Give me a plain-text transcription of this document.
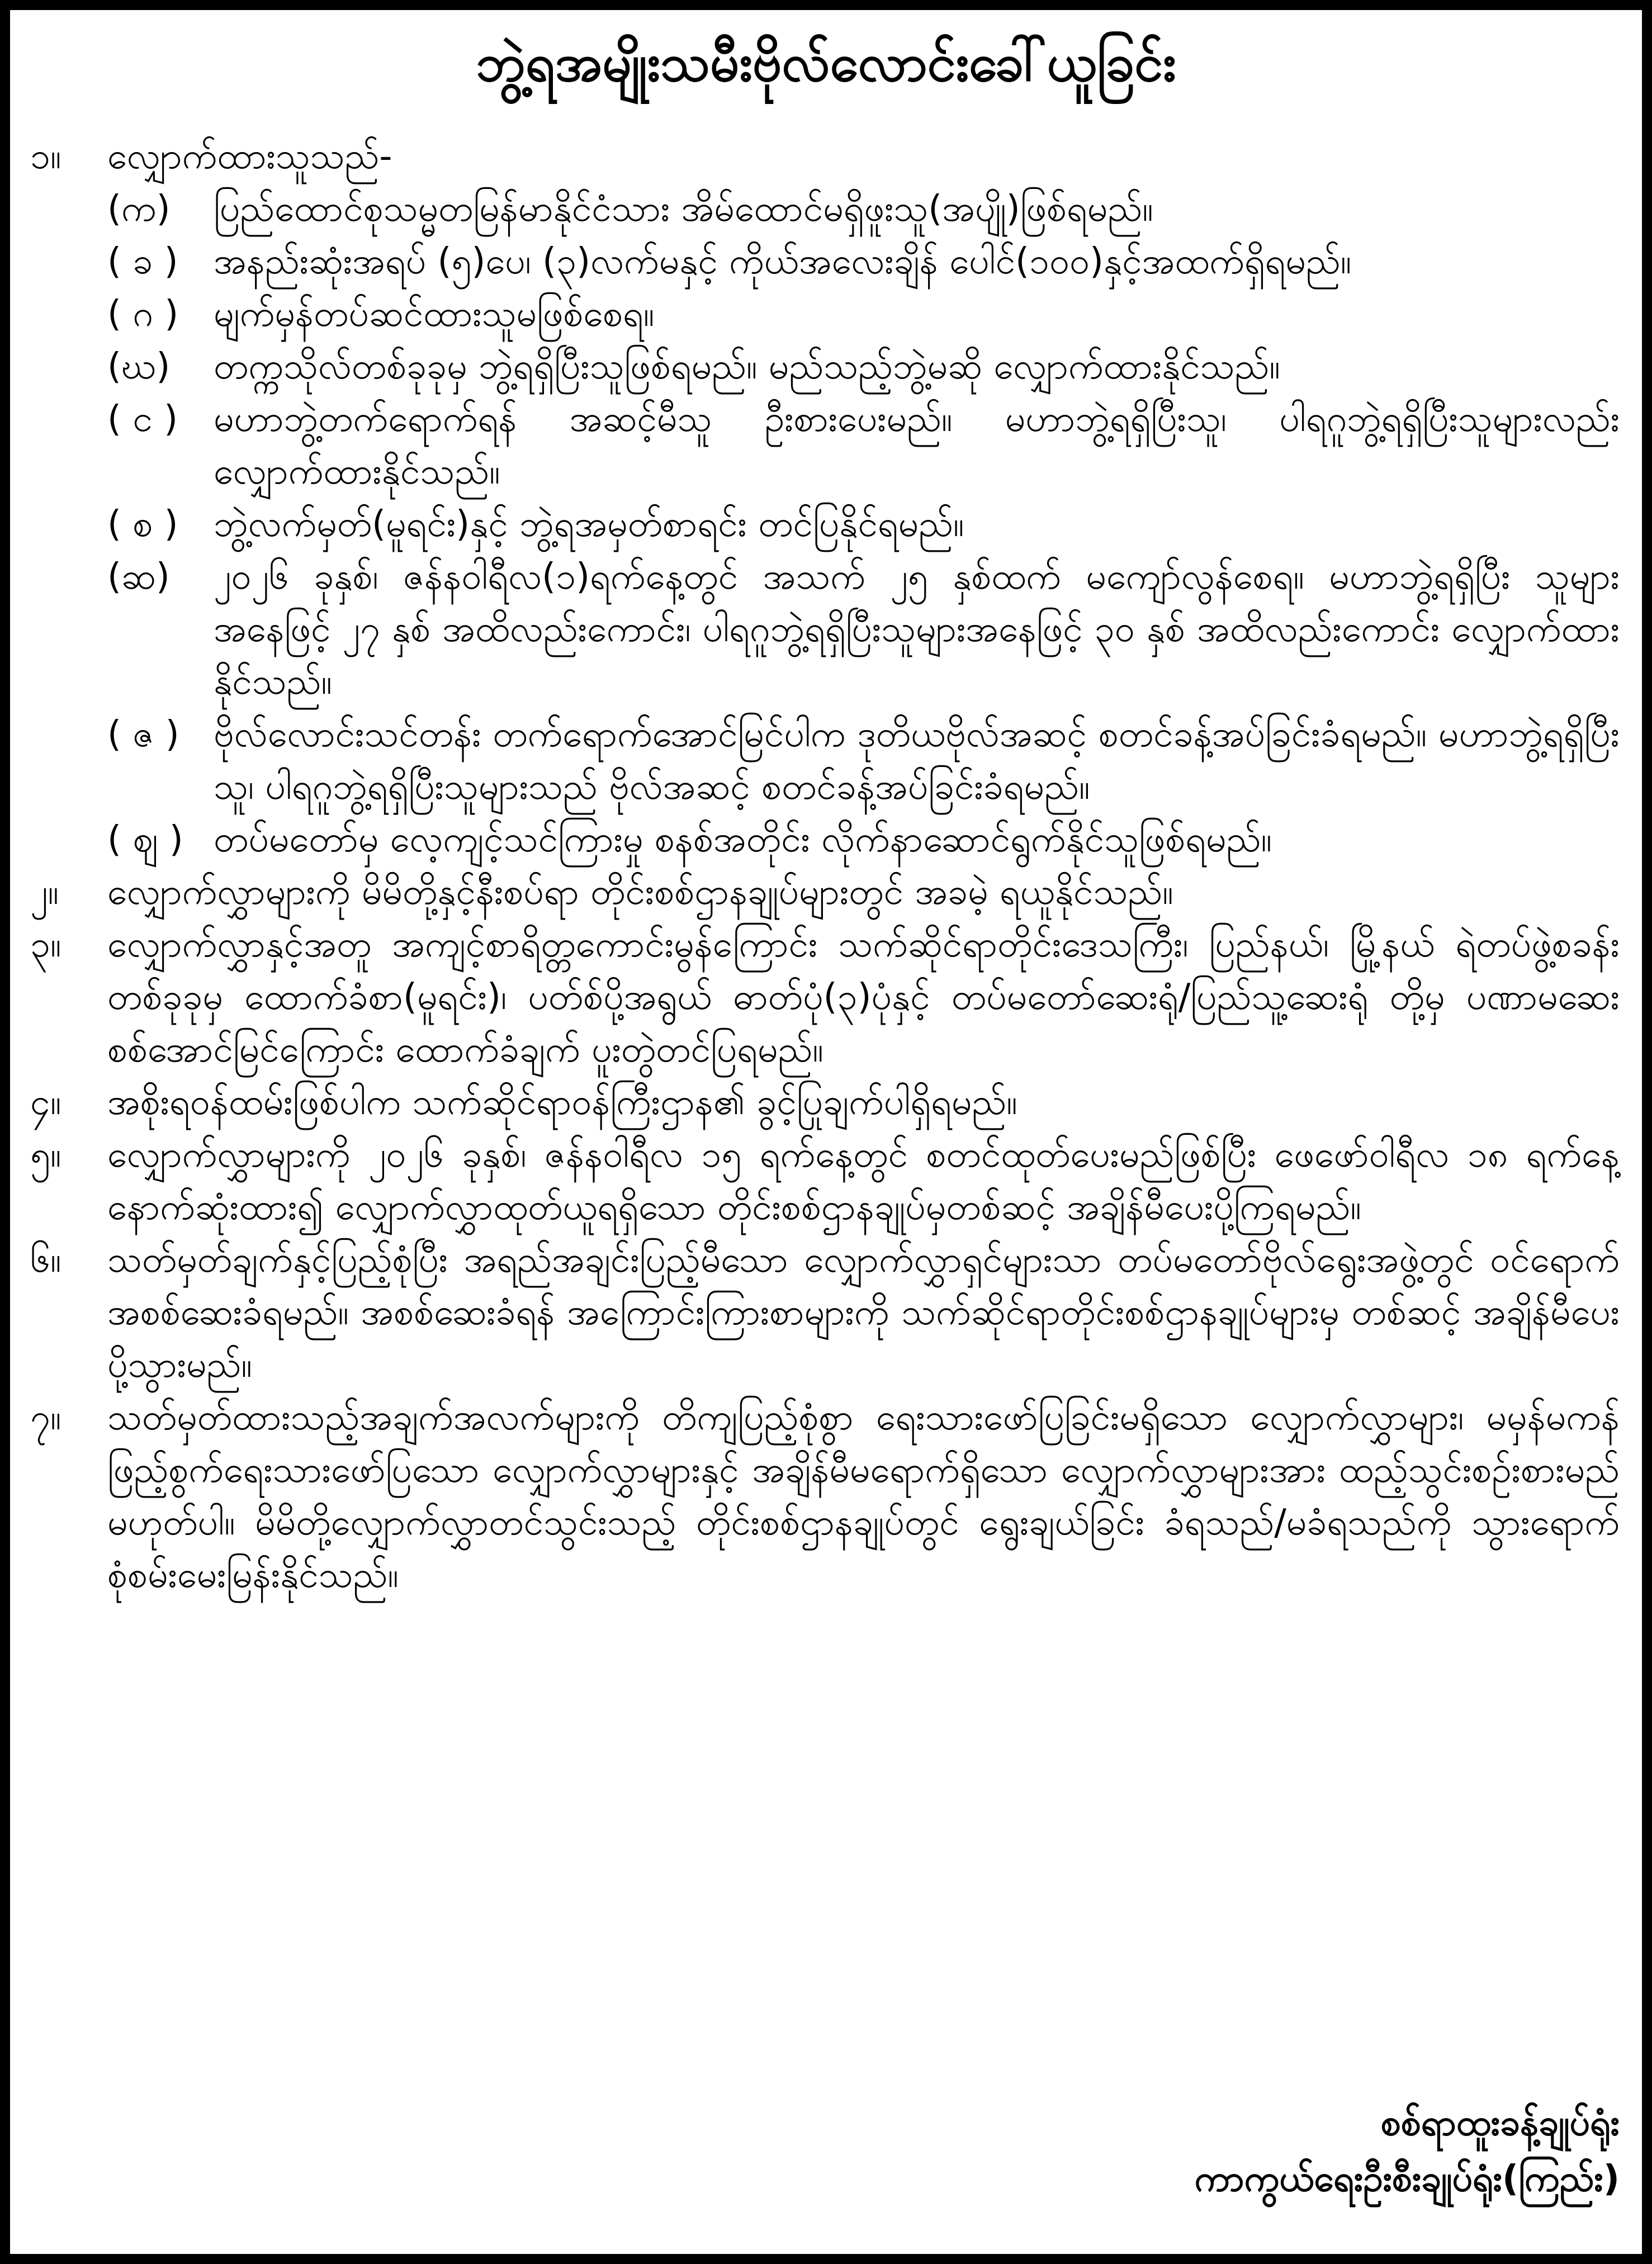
ဘွဲ့ရအမျိုးသမီးဗိုလ်လောင်းခေါ်ယူခြင်း
၁။	လျှောက်ထားသူသည်-
(က)	ပြည်ထောင်စုသမ္မတမြန်မာနိုင်ငံသား အိမ်ထောင်မရှိဖူးသူ(အပျို)ဖြစ်ရမည်။
( ခ ) အနည်းဆုံးအရပ် (၅)ပေ၊ (၃)လက်မနှင့် ကိုယ်အလေးချိန် ပေါင်(၁၀၀)နှင့်အထက်ရှိရမည်။
( ဂ ) မျက်မှန်တပ်ဆင်ထားသူမဖြစ်စေရ။
(ဃ)	တက္ကသိုလ်တစ်ခုခုမှ ဘွဲ့ရရှိပြီးသူဖြစ်ရမည်။ မည်သည့်ဘွဲ့မဆို လျှောက်ထားနိုင်သည်။
( င ) မဟာဘွဲ့တက်ရောက်ရန် အဆင့်မီသူ ဦးစားပေးမည်။ မဟာဘွဲ့ရရှိပြီးသူ၊ ပါရဂူဘွဲ့ရရှိပြီးသူများလည်း လျှောက်ထားနိုင်သည်။
( စ ) ဘွဲ့လက်မှတ်(မူရင်း)နှင့် ဘွဲ့ရအမှတ်စာရင်း တင်ပြနိုင်ရမည်။
(ဆ)	၂၀၂၆ ခုနှစ်၊ ဇန်နဝါရီလ(၁)ရက်နေ့တွင် အသက် ၂၅ နှစ်ထက် မကျော်လွန်စေရ။ မဟာဘွဲ့ရရှိပြီး သူများအနေဖြင့် ၂၇ နှစ် အထိလည်းကောင်း၊ ပါရဂူဘွဲ့ရရှိပြီးသူများအနေဖြင့် ၃၀ နှစ် အထိလည်းကောင်း လျှောက်ထားနိုင်သည်။
( ဇ ) ဗိုလ်လောင်းသင်တန်း တက်ရောက်အောင်မြင်ပါက ဒုတိယဗိုလ်အဆင့် စတင်ခန့်အပ်ခြင်းခံရမည်။ မဟာဘွဲ့ရရှိပြီးသူ၊ ပါရဂူဘွဲ့ရရှိပြီးသူများသည် ဗိုလ်အဆင့် စတင်ခန့်အပ်ခြင်းခံရမည်။
( ဈ ) တပ်မတော်မှ လေ့ကျင့်သင်ကြားမှု စနစ်အတိုင်း လိုက်နာဆောင်ရွက်နိုင်သူဖြစ်ရမည်။
၂။	လျှောက်လွှာများကို မိမိတို့နှင့်နီးစပ်ရာ တိုင်းစစ်ဌာနချုပ်များတွင် အခမဲ့ ရယူနိုင်သည်။
၃။	လျှောက်လွှာနှင့်အတူ အကျင့်စာရိတ္တကောင်းမွန်ကြောင်း သက်ဆိုင်ရာတိုင်းဒေသကြီး၊ ပြည်နယ်၊ မြို့နယ် ရဲတပ်ဖွဲ့စခန်းတစ်ခုခုမှ ထောက်ခံစာ(မူရင်း)၊ ပတ်စ်ပို့အရွယ် ဓာတ်ပုံ(၃)ပုံနှင့် တပ်မတော်ဆေးရုံ/ပြည်သူ့ဆေးရုံ တို့မှ ပဏာမဆေးစစ်အောင်မြင်ကြောင်း ထောက်ခံချက် ပူးတွဲတင်ပြရမည်။
၄။	အစိုးရဝန်ထမ်းဖြစ်ပါက သက်ဆိုင်ရာဝန်ကြီးဌာန၏ ခွင့်ပြုချက်ပါရှိရမည်။
၅။	လျှောက်လွှာများကို ၂၀၂၆ ခုနှစ်၊ ဇန်နဝါရီလ ၁၅ ရက်နေ့တွင် စတင်ထုတ်ပေးမည်ဖြစ်ပြီး ဖေဖော်ဝါရီလ ၁၈ ရက်နေ့နောက်ဆုံးထား၍ လျှောက်လွှာထုတ်ယူရရှိသော တိုင်းစစ်ဌာနချုပ်မှတစ်ဆင့် အချိန်မီပေးပို့ကြရမည်။
၆။	သတ်မှတ်ချက်နှင့်ပြည့်စုံပြီး အရည်အချင်းပြည့်မီသော လျှောက်လွှာရှင်များသာ တပ်မတော်ဗိုလ်ရွေးအဖွဲ့တွင် ဝင်ရောက်အစစ်ဆေးခံရမည်။ အစစ်ဆေးခံရန် အကြောင်းကြားစာများကို သက်ဆိုင်ရာတိုင်းစစ်ဌာနချုပ်များမှ တစ်ဆင့် အချိန်မီပေးပို့သွားမည်။
၇။	သတ်မှတ်ထားသည့်အချက်အလက်များကို တိကျပြည့်စုံစွာ ရေးသားဖော်ပြခြင်းမရှိသော လျှောက်လွှာများ၊ မမှန်မကန်ဖြည့်စွက်ရေးသားဖော်ပြသော လျှောက်လွှာများနှင့် အချိန်မီမရောက်ရှိသော လျှောက်လွှာများအား ထည့်သွင်းစဉ်းစားမည်မဟုတ်ပါ။ မိမိတို့လျှောက်လွှာတင်သွင်းသည့် တိုင်းစစ်ဌာနချုပ်တွင် ရွေးချယ်ခြင်း ခံရသည်/မခံရသည်ကို သွားရောက်စုံစမ်းမေးမြန်းနိုင်သည်။
စစ်ရာထူးခန့်ချုပ်ရုံး
ကာကွယ်ရေးဦးစီးချုပ်ရုံး(ကြည်း)
